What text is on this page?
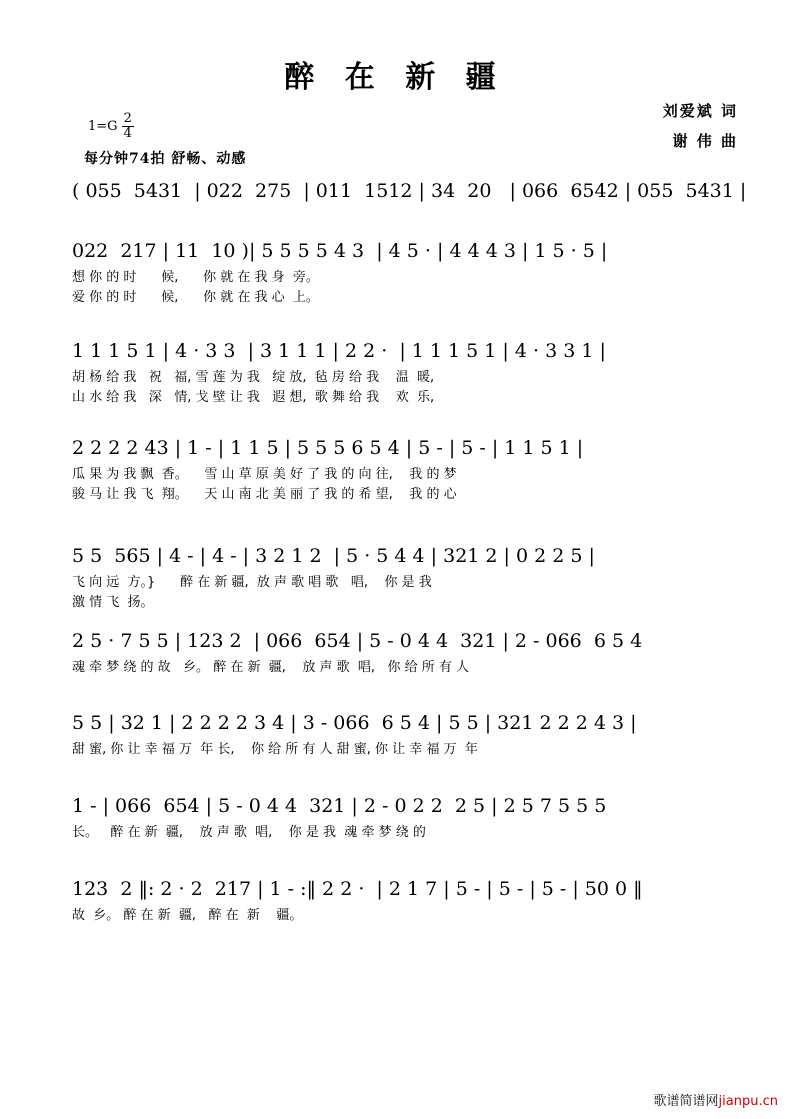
醉 在 新 疆
刘爱斌 词
谢 伟 曲
$1=G \frac{2}{4}$
每分钟74拍 舒畅、动感
( 055  5431  | 022  275  | 011  1512 | 34  20   | 066  6542 | 055  5431 |
022  217 | 11  10 )| 5 5 5 5 4 3  | 4 5 · | 4 4 4 3 | 1 5 · 5 |
想 你 的 时      候,      你 就 在 我 身  旁。
爱 你 的 时      候,      你 就 在 我 心  上。
1 1 1 5 1 | 4 · 3 3  | 3 1 1 1 | 2 2 ·  | 1 1 1 5 1 | 4 · 3 3 1 |
胡 杨 给 我   祝   福, 雪 莲 为 我   绽 放,  毡 房 给 我    温  暖,
山 水 给 我   深   情, 戈 壁 让 我   遐 想,  歌 舞 给 我    欢  乐,
2 2 2 2 43 | 1 - | 1 1 5 | 5 5 5 6 5 4 | 5 - | 5 - | 1 1 5 1 |
瓜 果 为 我 飘  香。    雪 山 草 原 美 好 了 我 的 向 往,    我 的 梦
骏 马 让 我 飞  翔。    天 山 南 北 美 丽 了 我 的 希 望,    我 的 心
5 5  565 | 4 - | 4 - | 3 2 1 2  | 5 · 5 4 4 | 321 2 | 0 2 2 5 |
飞 向 远  方。}      醉 在 新 疆,  放 声 歌 唱 歌   唱,    你 是 我
激 情 飞  扬。
2 5 · 7 5 5 | 123 2  | 066  654 | 5 - 0 4 4  321 | 2 - 066  6 5 4
魂 牵 梦 绕 的 故   乡。 醉 在 新  疆,    放 声 歌  唱,   你 给 所 有 人
5 5 | 32 1 | 2 2 2 2 3 4 | 3 - 066  6 5 4 | 5 5 | 321 2 2 2 4 3 |
甜 蜜, 你 让 幸 福 万  年 长,    你 给 所 有 人 甜 蜜, 你 让 幸 福 万  年
1 - | 066  654 | 5 - 0 4 4  321 | 2 - 0 2 2  2 5 | 2 5 7 5 5 5
长。   醉 在 新  疆,    放 声 歌  唱,    你 是 我  魂 牵 梦 绕 的
123  2 ‖: 2 · 2  217 | 1 - :‖ 2 2 ·  | 2 1 7 | 5 - | 5 - | 5 - | 50 0 ‖
故  乡。 醉 在 新  疆,   醉 在  新    疆。
歌谱简谱网jianpu.cn
